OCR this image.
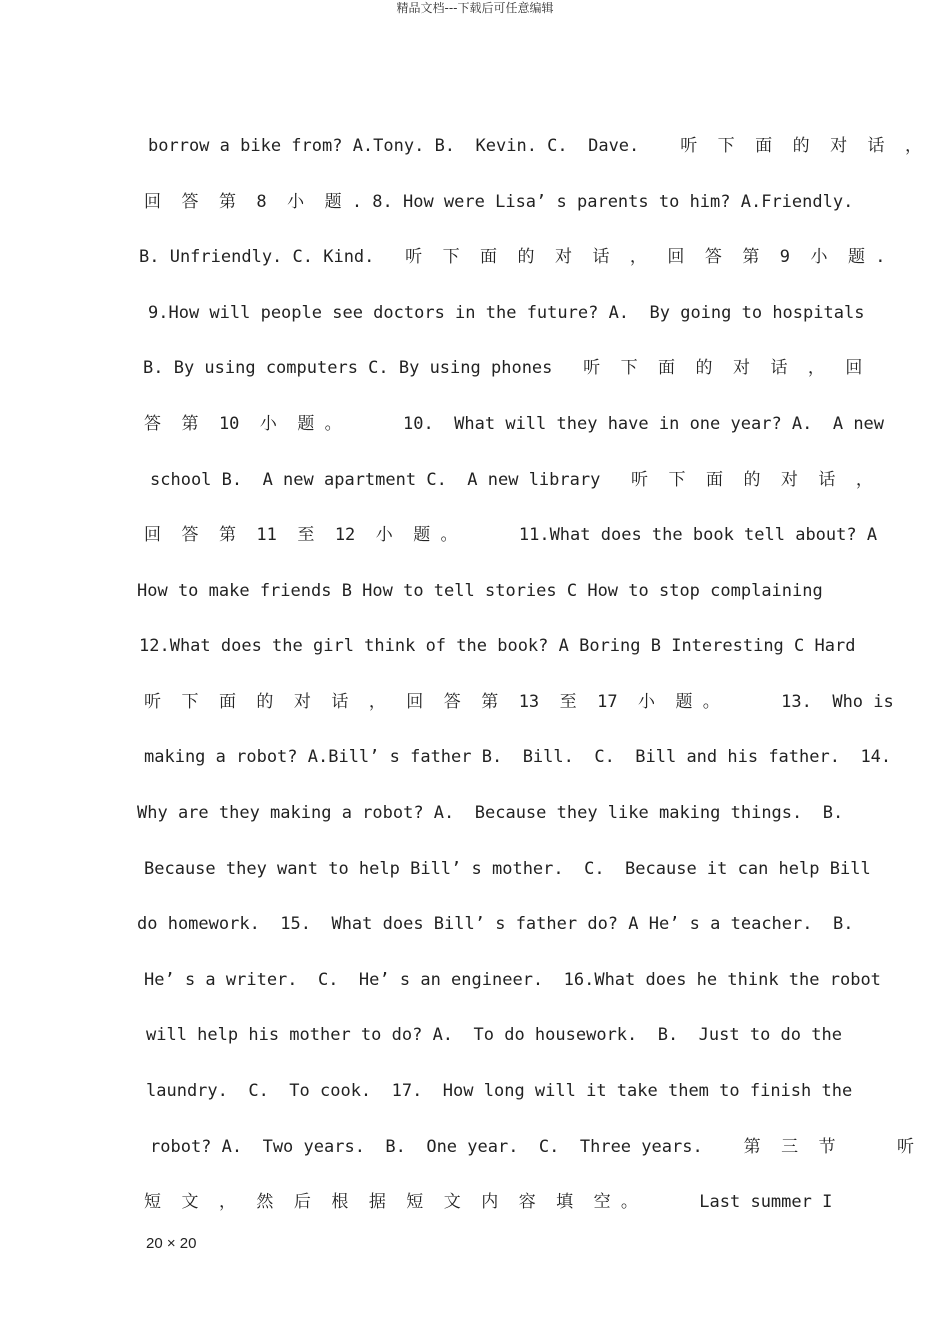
精品文档---下载后可任意编辑
borrow a bike from? A.Tony. B.  Kevin. C.  Dave.    听  下  面  的  对  话  ，
回  答  第  8  小  题 . 8. How were Lisa’ s parents to him? A.Friendly.
B. Unfriendly. C. Kind.   听  下  面  的  对  话  ，  回  答  第  9  小  题 .
9.How will people see doctors in the future? A.  By going to hospitals
B. By using computers C. By using phones   听  下  面  的  对  话  ，  回
答  第  10  小  题 。      10.  What will they have in one year? A.  A new
school B.  A new apartment C.  A new library   听  下  面  的  对  话  ，
回  答  第  11  至  12  小  题 。      11.What does the book tell about? A
How to make friends B How to tell stories C How to stop complaining
12.What does the girl think of the book? A Boring B Interesting C Hard
听  下  面  的  对  话  ，  回  答  第  13  至  17  小  题 。      13.  Who is
making a robot? A.Bill’ s father B.  Bill.  C.  Bill and his father.  14.
Why are they making a robot? A.  Because they like making things.  B.
Because they want to help Bill’ s mother.  C.  Because it can help Bill
do homework.  15.  What does Bill’ s father do? A He’ s a teacher.  B.
He’ s a writer.  C.  He’ s an engineer.  16.What does he think the robot
will help his mother to do? A.  To do housework.  B.  Just to do the
laundry.  C.  To cook.  17.  How long will it take them to finish the
robot? A.  Two years.  B.  One year.  C.  Three years.    第  三  节      听
短  文  ，  然  后  根  据  短  文  内  容  填  空 。      Last summer I
20 × 20
